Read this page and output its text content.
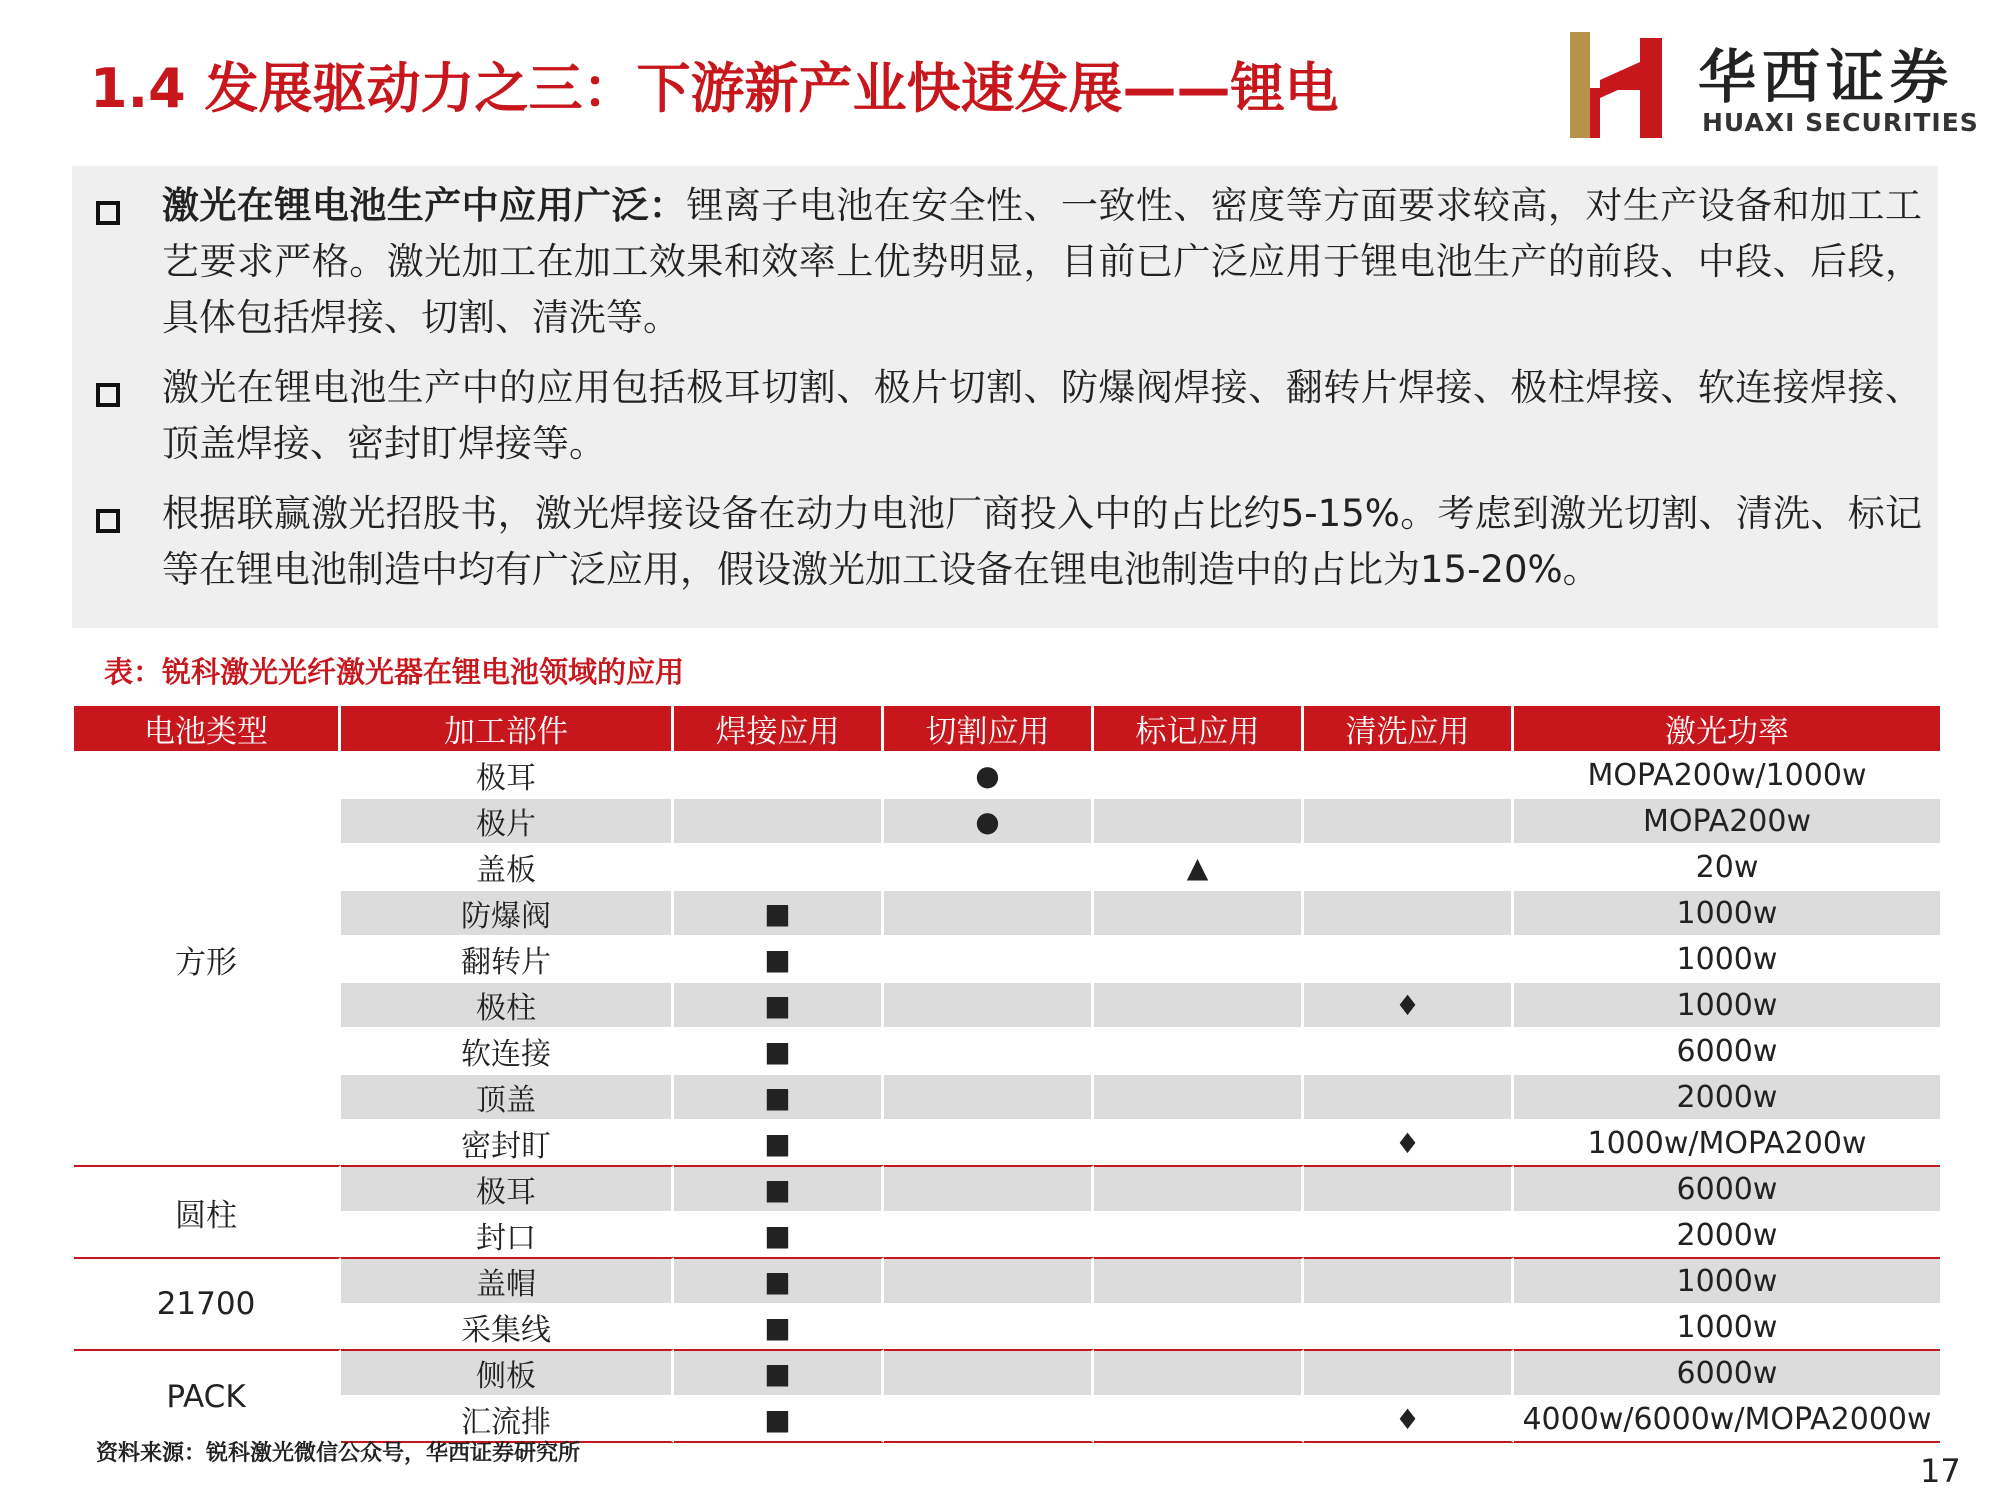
1.4 发展驱动力之三：下游新产业快速发展——锂电	华西证券
HUAXI SECURITIES

激光在锂电池生产中应用广泛：锂离子电池在安全性、一致性、密度等方面要求较高，对生产设备和加工工艺要求严格。激光加工在加工效果和效率上优势明显，目前已广泛应用于锂电池生产的前段、中段、后段，具体包括焊接、切割、清洗等。

激光在锂电池生产中的应用包括极耳切割、极片切割、防爆阀焊接、翻转片焊接、极柱焊接、软连接焊接、顶盖焊接、密封盯焊接等。

根据联赢激光招股书，激光焊接设备在动力电池厂商投入中的占比约5-15%。考虑到激光切割、清洗、标记等在锂电池制造中均有广泛应用，假设激光加工设备在锂电池制造中的占比为15-20%。

表：锐科激光光纤激光器在锂电池领域的应用
电池类型	加工部件	焊接应用	切割应用	标记应用	清洗应用	激光功率
方形	极耳		●			MOPA200w/1000w
	极片		●			MOPA200w
	盖板			▲		20w
	防爆阀	■				1000w
	翻转片	■				1000w
	极柱	■			♦	1000w
	软连接	■				6000w
	顶盖	■				2000w
	密封盯	■			♦	1000w/MOPA200w
圆柱	极耳	■				6000w
	封口	■				2000w
21700	盖帽	■				1000w
	采集线	■				1000w
PACK	侧板	■				6000w
	汇流排	■			♦	4000w/6000w/MOPA2000w
资料来源：锐科激光微信公众号，华西证券研究所	17
